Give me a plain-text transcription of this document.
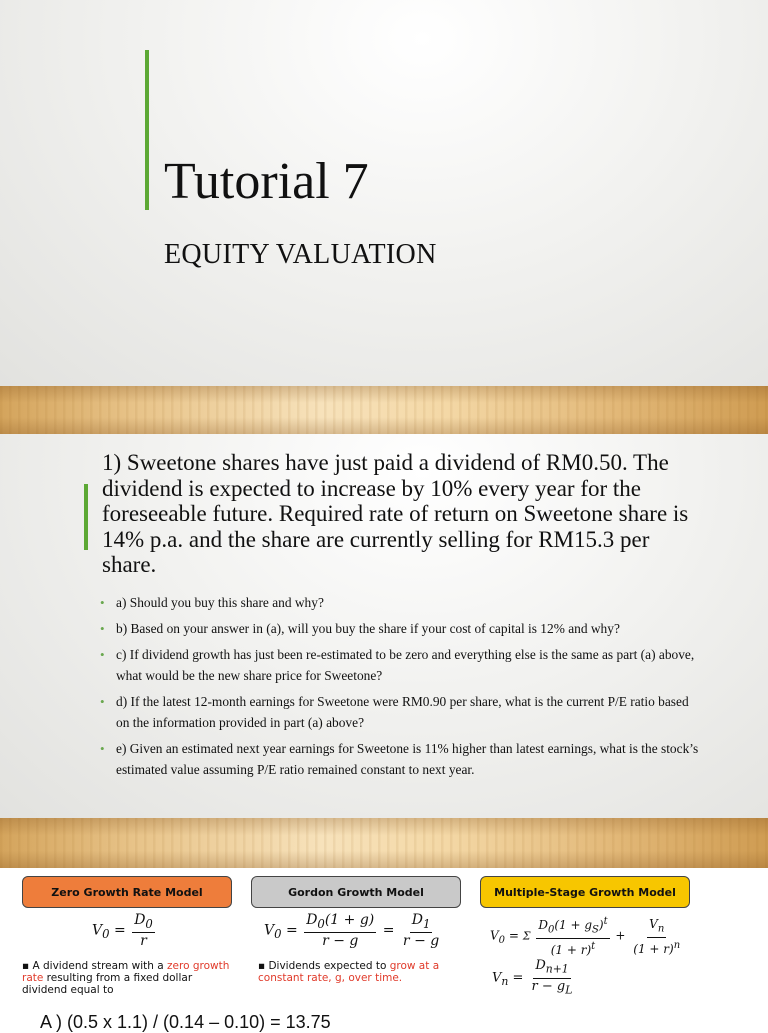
Tutorial 7
EQUITY VALUATION
1) Sweetone shares have just paid a dividend of RM0.50. The dividend is expected to increase by 10% every year for the foreseeable future. Required rate of return on Sweetone share is 14% p.a. and the share are currently selling for RM15.3 per share.
• a) Should you buy this share and why?
• b) Based on your answer in (a), will you buy the share if your cost of capital is 12% and why?
• c) If dividend growth has just been re-estimated to be zero and everything else is the same as part (a) above, what would be the new share price for Sweetone?
• d) If the latest 12-month earnings for Sweetone were RM0.90 per share, what is the current P/E ratio based on the information provided in part (a) above?
• e) Given an estimated next year earnings for Sweetone is 11% higher than latest earnings, what is the stock’s estimated value assuming P/E ratio remained constant to next year.
Zero Growth Rate Model	Gordon Growth Model	Multiple-Stage Growth Model
$V_0 = \frac{D_0}{r}$	$V_0 = \frac{D_0(1 + g)}{r - g} = \frac{D_1}{r - g}$	$V_0 = \Sigma \frac{D_0(1 + g_S)^t}{(1 + r)^t} + \frac{V_n}{(1 + r)^n}$
$V_n = \frac{D_{n+1}}{r - g_L}$
▪ A dividend stream with a zero growth rate resulting from a fixed dollar dividend equal to
▪ Dividends expected to grow at a constant rate, g, over time.
A ) (0.5 x 1.1) / (0.14 – 0.10) = 13.75
